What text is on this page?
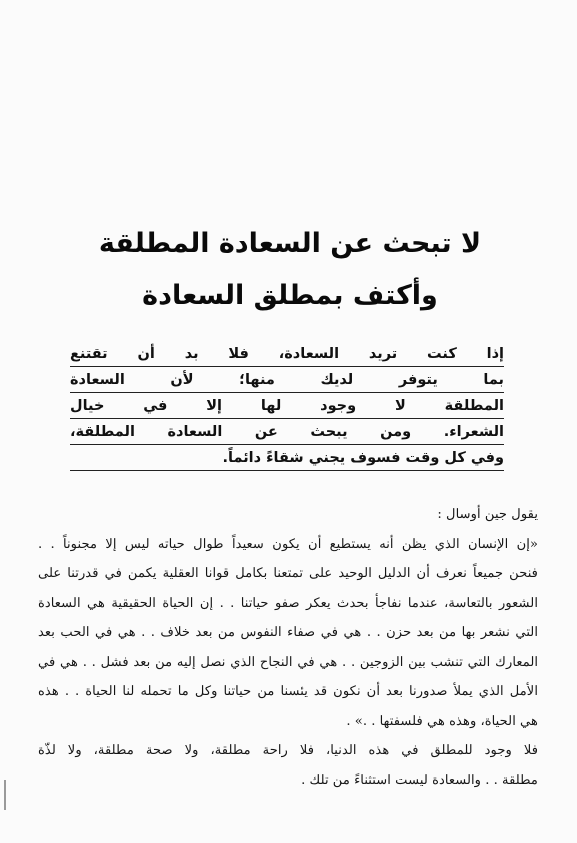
لا تبحث عن السعادة المطلقة
وأكتف بمطلق السعادة
إذا كنت تريد السعادة، فلا بد أن تقتنع
بما يتوفر لديك منها؛ لأن السعادة
المطلقة لا وجود لها إلا في خيال
الشعراء. ومن يبحث عن السعادة المطلقة،
وفي كل وقت فسوف يجني شقاءً دائماً.
يقول جين أوسال :
«إن الإنسان الذي يظن أنه يستطيع أن يكون سعيداً طوال حياته ليس إلا مجنوناً . .
فنحن جميعاً نعرف أن الدليل الوحيد على تمتعنا بكامل قوانا العقلية يكمن في قدرتنا على
الشعور بالتعاسة، عندما نفاجأ بحدث يعكر صفو حياتنا . . إن الحياة الحقيقية هي السعادة
التي نشعر بها من بعد حزن . . هي في صفاء النفوس من بعد خلاف . . هي في الحب بعد
المعارك التي تنشب بين الزوجين . . هي في النجاح الذي نصل إليه من بعد فشل . . هي في
الأمل الذي يملأ صدورنا بعد أن نكون قد يئسنا من حياتنا وكل ما تحمله لنا الحياة . . هذه
هي الحياة، وهذه هي فلسفتها . .» .
فلا وجود للمطلق في هذه الدنيا، فلا راحة مطلقة، ولا صحة مطلقة، ولا لذّة
مطلقة . . والسعادة ليست استثناءً من تلك .
